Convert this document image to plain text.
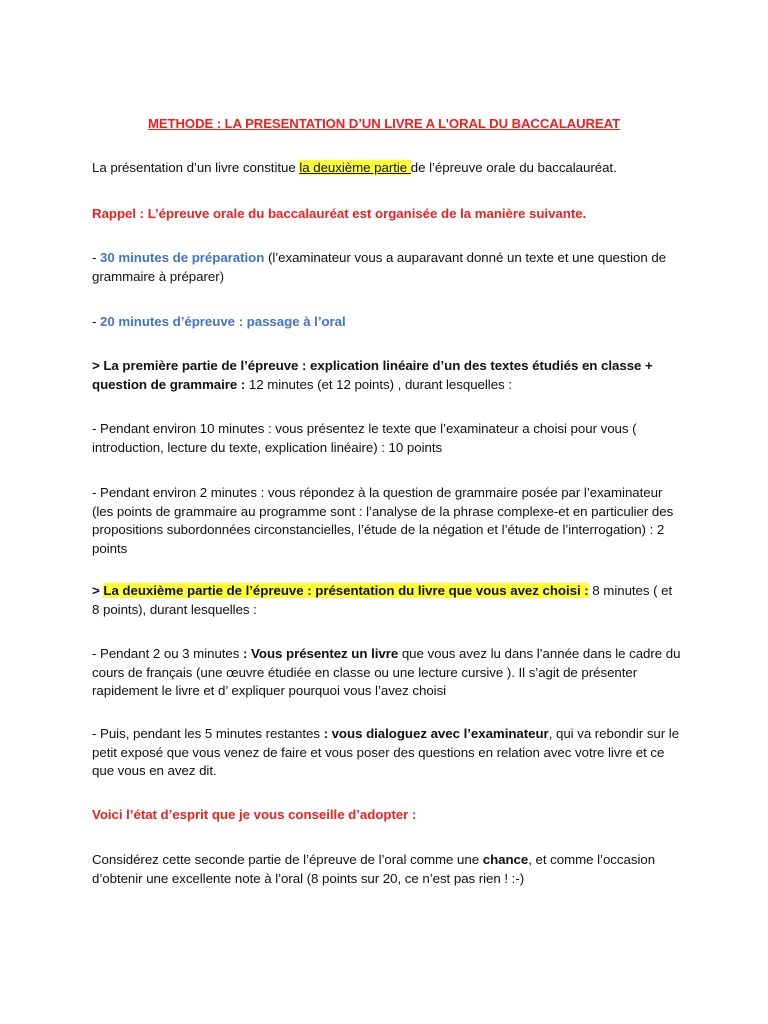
METHODE : LA PRESENTATION D’UN LIVRE A L’ORAL DU BACCALAUREAT

La présentation d’un livre constitue la deuxième partie de l’épreuve orale du baccalauréat.

Rappel : L’épreuve orale du baccalauréat est organisée de la manière suivante.

- 30 minutes de préparation (l’examinateur vous a auparavant donné un texte et une question de grammaire à préparer)

- 20 minutes d’épreuve : passage à l’oral

> La première partie de l’épreuve : explication linéaire d’un des textes étudiés en classe + question de grammaire : 12 minutes (et 12 points) , durant lesquelles :

- Pendant environ 10 minutes : vous présentez le texte que l’examinateur a choisi pour vous ( introduction, lecture du texte, explication linéaire) : 10 points

- Pendant environ 2 minutes : vous répondez à la question de grammaire posée par l’examinateur (les points de grammaire au programme sont : l’analyse de la phrase complexe-et en particulier des propositions subordonnées circonstancielles, l’étude de la négation et l’étude de l’interrogation) : 2 points

> La deuxième partie de l’épreuve : présentation du livre que vous avez choisi : 8 minutes ( et 8 points), durant lesquelles :

- Pendant 2 ou 3 minutes : Vous présentez un livre que vous avez lu dans l’année dans le cadre du cours de français (une œuvre étudiée en classe ou une lecture cursive ). Il s’agit de présenter rapidement le livre et d’ expliquer pourquoi vous l’avez choisi

- Puis, pendant les 5 minutes restantes : vous dialoguez avec l’examinateur, qui va rebondir sur le petit exposé que vous venez de faire et vous poser des questions en relation avec votre livre et ce que vous en avez dit.

Voici l’état d’esprit que je vous conseille d’adopter :

Considérez cette seconde partie de l’épreuve de l’oral comme une chance, et comme l’occasion d’obtenir une excellente note à l’oral (8 points sur 20, ce n’est pas rien ! :-)
